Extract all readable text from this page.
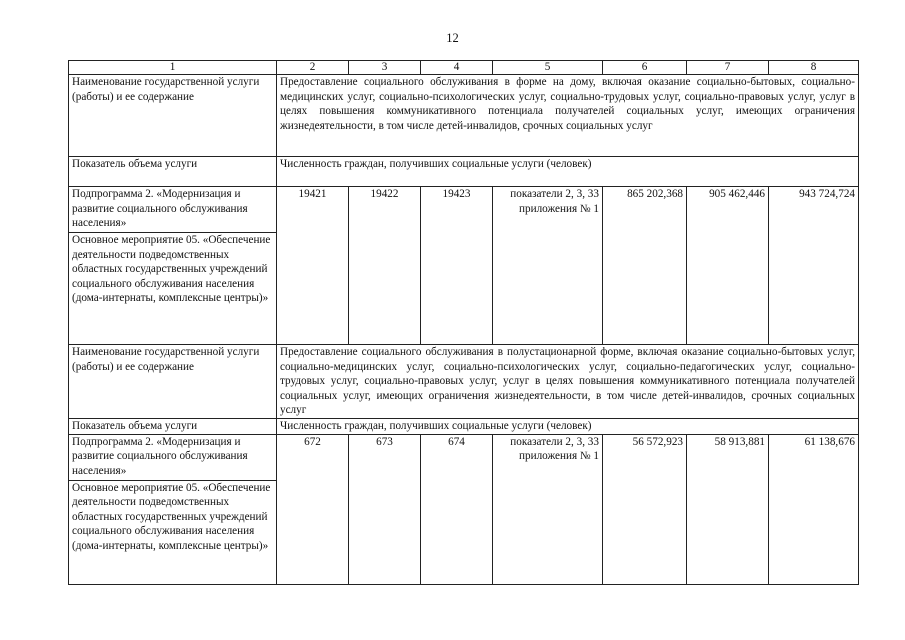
12
1	2	3	4	5	6	7	8
Наименование государственной услуги (работы) и ее содержание	Предоставление социального обслуживания в форме на дому, включая оказание социально-бытовых, социально-медицинских услуг, социально-психологических услуг, социально-трудовых услуг, социально-правовых услуг, услуг в целях повышения коммуникативного потенциала получателей социальных услуг, имеющих ограничения жизнедеятельности, в том числе детей-инвалидов, срочных социальных услуг						
Показатель объема услуги	Численность граждан, получивших социальные услуги (человек)						
Подпрограмма 2. «Модернизация и развитие социального обслуживания населения»	19421	19422	19423	показатели 2, 3, 33 приложения № 1	865 202,368	905 462,446	943 724,724
Основное мероприятие 05. «Обеспечение деятельности подведомственных областных государственных учреждений социального обслуживания населения (дома-интернаты, комплексные центры)»							
Наименование государственной услуги (работы) и ее содержание	Предоставление социального обслуживания в полустационарной форме, включая оказание социально-бытовых услуг, социально-медицинских услуг, социально-психологических услуг, социально-педагогических услуг, социально-трудовых услуг, социально-правовых услуг, услуг в целях повышения коммуникативного потенциала получателей социальных услуг, имеющих ограничения жизнедеятельности, в том числе детей-инвалидов, срочных социальных услуг						
Показатель объема услуги	Численность граждан, получивших социальные услуги (человек)						
Подпрограмма 2. «Модернизация и развитие социального обслуживания населения»	672	673	674	показатели 2, 3, 33 приложения № 1	56 572,923	58 913,881	61 138,676
Основное мероприятие 05. «Обеспечение деятельности подведомственных областных государственных учреждений социального обслуживания населения (дома-интернаты, комплексные центры)»							
